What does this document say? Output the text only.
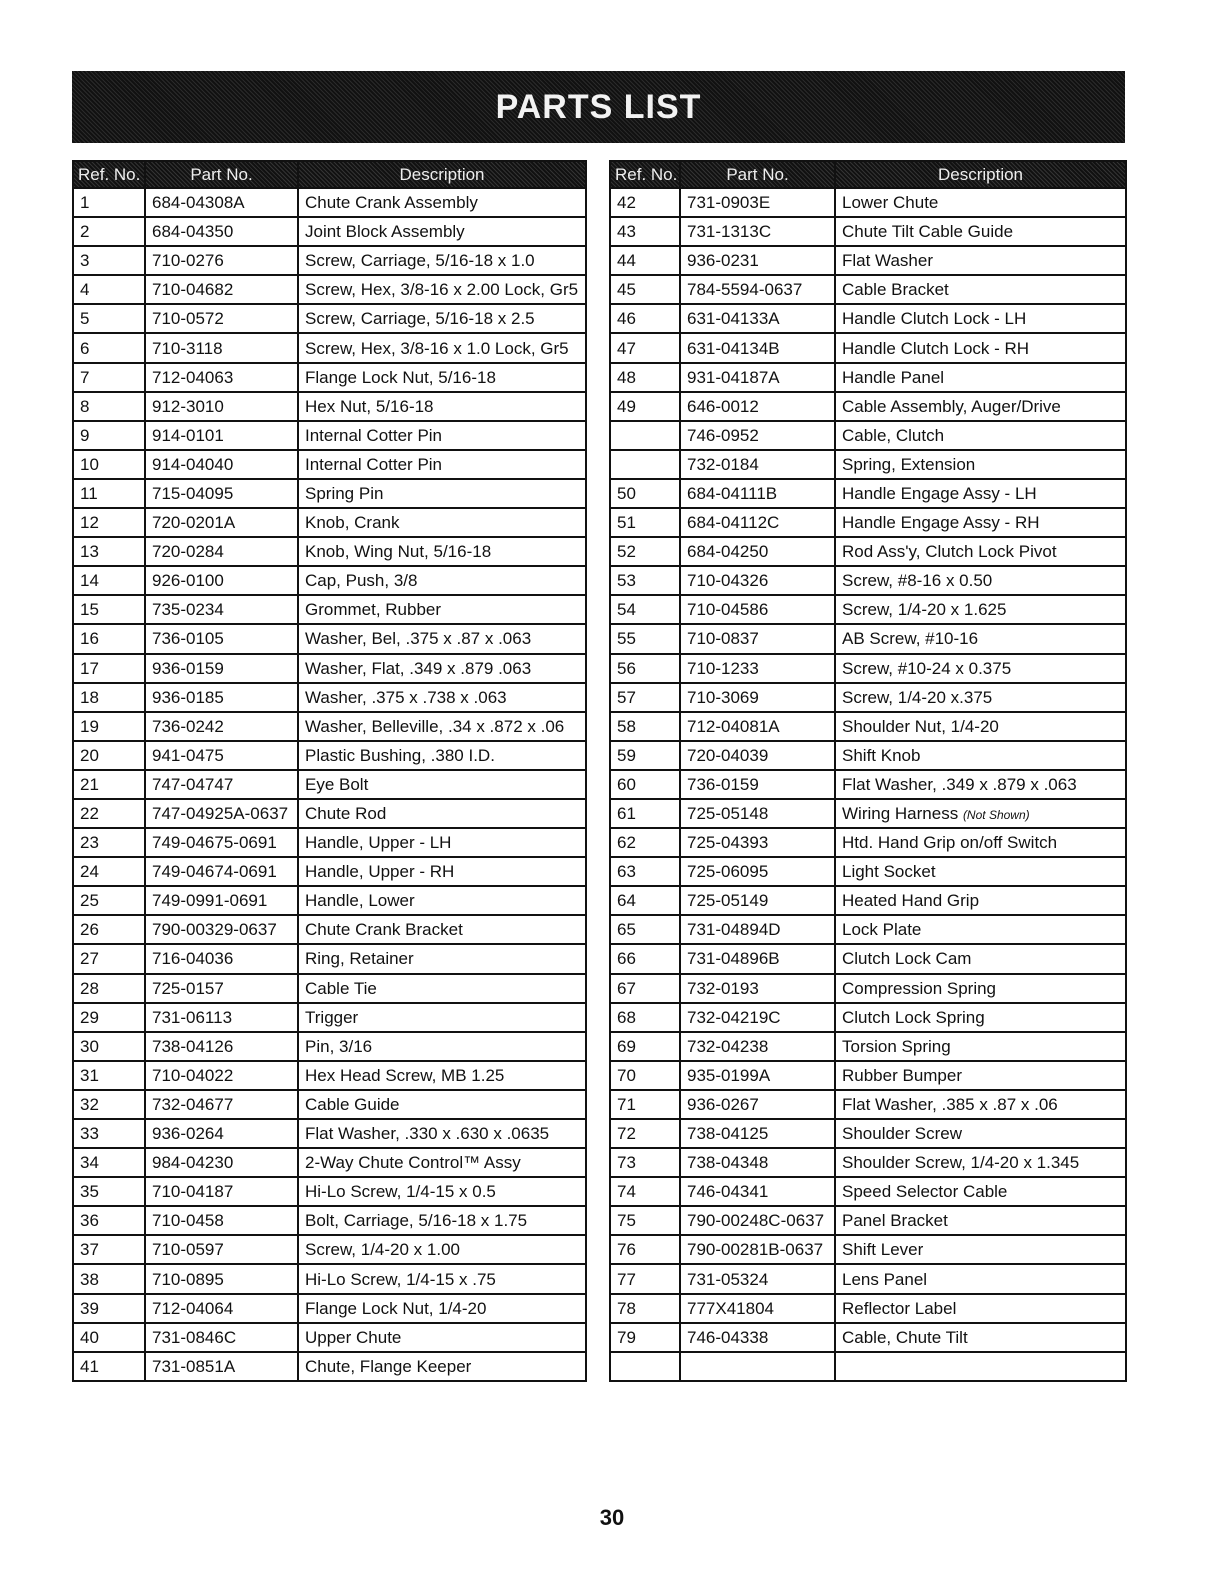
PARTS LIST
Ref. No.	Part No.	Description
1	684-04308A	Chute Crank Assembly
2	684-04350	Joint Block Assembly
3	710-0276	Screw, Carriage, 5/16-18 x 1.0
4	710-04682	Screw, Hex, 3/8-16 x 2.00 Lock, Gr5
5	710-0572	Screw, Carriage, 5/16-18 x 2.5
6	710-3118	Screw, Hex, 3/8-16 x 1.0 Lock, Gr5
7	712-04063	Flange Lock Nut, 5/16-18
8	912-3010	Hex Nut, 5/16-18
9	914-0101	Internal Cotter Pin
10	914-04040	Internal Cotter Pin
11	715-04095	Spring Pin
12	720-0201A	Knob, Crank
13	720-0284	Knob, Wing Nut, 5/16-18
14	926-0100	Cap, Push, 3/8
15	735-0234	Grommet, Rubber
16	736-0105	Washer, Bel, .375 x .87 x .063
17	936-0159	Washer, Flat, .349 x .879 .063
18	936-0185	Washer, .375 x .738 x .063
19	736-0242	Washer, Belleville, .34 x .872 x .06
20	941-0475	Plastic Bushing, .380 I.D.
21	747-04747	Eye Bolt
22	747-04925A-0637	Chute Rod
23	749-04675-0691	Handle, Upper - LH
24	749-04674-0691	Handle, Upper - RH
25	749-0991-0691	Handle, Lower
26	790-00329-0637	Chute Crank Bracket
27	716-04036	Ring, Retainer
28	725-0157	Cable Tie
29	731-06113	Trigger
30	738-04126	Pin, 3/16
31	710-04022	Hex Head Screw, MB 1.25
32	732-04677	Cable Guide
33	936-0264	Flat Washer, .330 x .630 x .0635
34	984-04230	2-Way Chute Control™ Assy
35	710-04187	Hi-Lo Screw, 1/4-15 x 0.5
36	710-0458	Bolt, Carriage, 5/16-18 x 1.75
37	710-0597	Screw, 1/4-20 x 1.00
38	710-0895	Hi-Lo Screw, 1/4-15 x .75
39	712-04064	Flange Lock Nut, 1/4-20
40	731-0846C	Upper Chute
41	731-0851A	Chute, Flange Keeper
Ref. No.	Part No.	Description
42	731-0903E	Lower Chute
43	731-1313C	Chute Tilt Cable Guide
44	936-0231	Flat Washer
45	784-5594-0637	Cable Bracket
46	631-04133A	Handle Clutch Lock - LH
47	631-04134B	Handle Clutch Lock - RH
48	931-04187A	Handle Panel
49	646-0012	Cable Assembly, Auger/Drive
	746-0952	Cable, Clutch
	732-0184	Spring, Extension
50	684-04111B	Handle Engage Assy - LH
51	684-04112C	Handle Engage Assy - RH
52	684-04250	Rod Ass'y, Clutch Lock Pivot
53	710-04326	Screw, #8-16 x 0.50
54	710-04586	Screw, 1/4-20 x 1.625
55	710-0837	AB Screw, #10-16
56	710-1233	Screw, #10-24 x 0.375
57	710-3069	Screw, 1/4-20 x.375
58	712-04081A	Shoulder Nut, 1/4-20
59	720-04039	Shift Knob
60	736-0159	Flat Washer, .349 x .879 x .063
61	725-05148	Wiring Harness (Not Shown)
62	725-04393	Htd. Hand Grip on/off Switch
63	725-06095	Light Socket
64	725-05149	Heated Hand Grip
65	731-04894D	Lock Plate
66	731-04896B	Clutch Lock Cam
67	732-0193	Compression Spring
68	732-04219C	Clutch Lock Spring
69	732-04238	Torsion Spring
70	935-0199A	Rubber Bumper
71	936-0267	Flat Washer, .385 x .87 x .06
72	738-04125	Shoulder Screw
73	738-04348	Shoulder Screw, 1/4-20 x 1.345
74	746-04341	Speed Selector Cable
75	790-00248C-0637	Panel Bracket
76	790-00281B-0637	Shift Lever
77	731-05324	Lens Panel
78	777X41804	Reflector Label
79	746-04338	Cable, Chute Tilt

30
